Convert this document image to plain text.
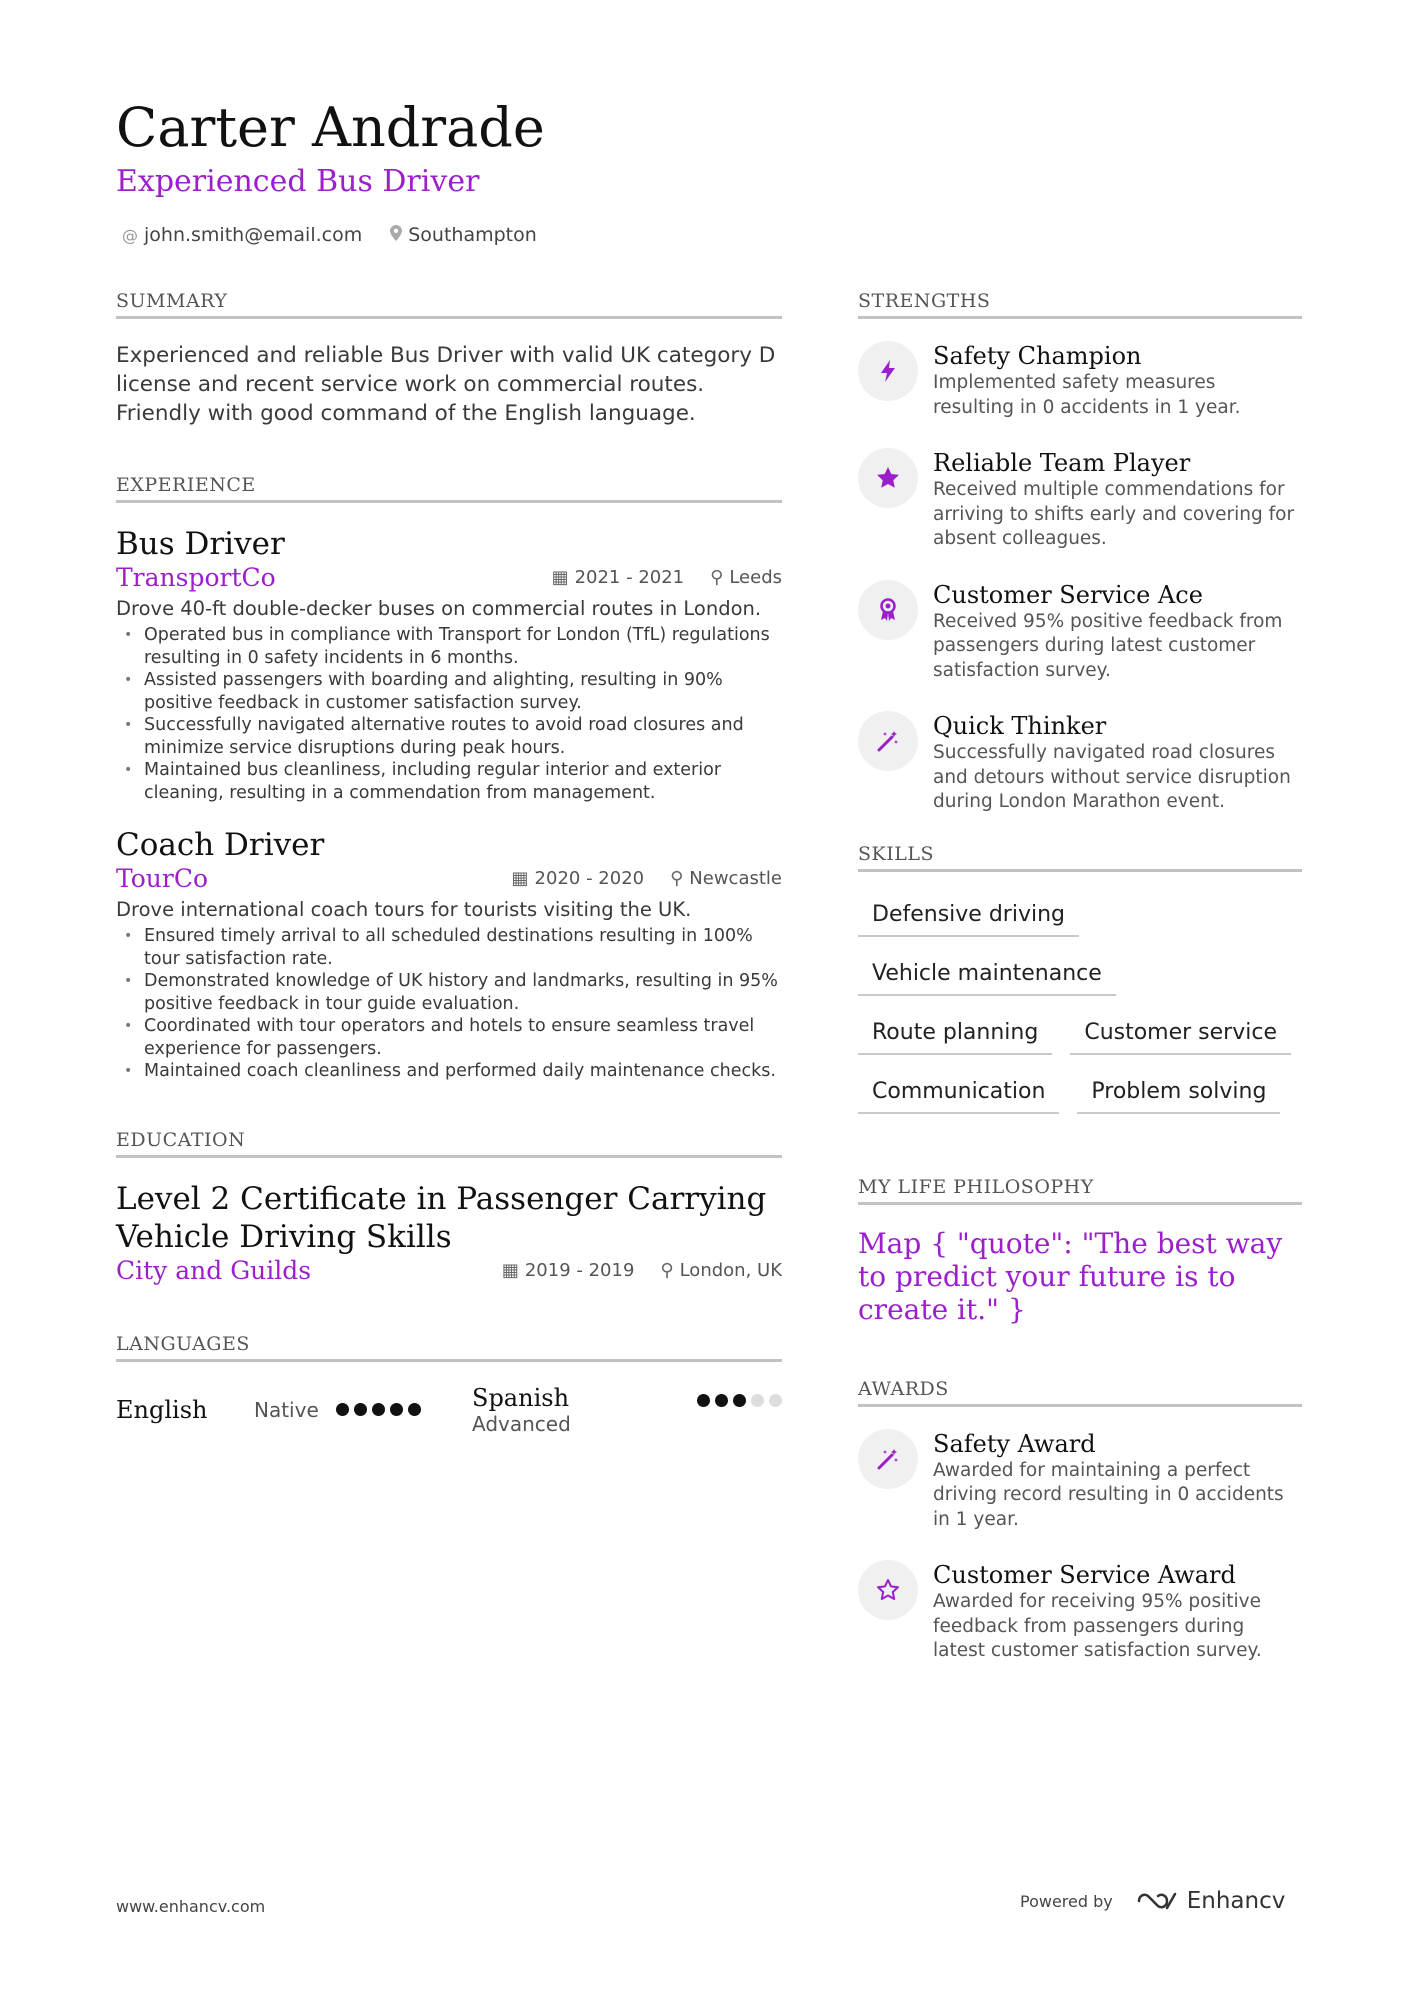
Carter Andrade
Experienced Bus Driver
@ john.smith@email.com Southampton
SUMMARY

Experienced and reliable Bus Driver with valid UK category D license and recent service work on commercial routes. Friendly with good command of the English language.

EXPERIENCE
Bus Driver
TransportCo	▦ 2021 - 2021 ⚲ Leeds
Drove 40-ft double-decker buses on commercial routes in London.
• Operated bus in compliance with Transport for London (TfL) regulations resulting in 0 safety incidents in 6 months.
• Assisted passengers with boarding and alighting, resulting in 90% positive feedback in customer satisfaction survey.
• Successfully navigated alternative routes to avoid road closures and minimize service disruptions during peak hours.
• Maintained bus cleanliness, including regular interior and exterior cleaning, resulting in a commendation from management.
Coach Driver
TourCo	▦ 2020 - 2020 ⚲ Newcastle
Drove international coach tours for tourists visiting the UK.
• Ensured timely arrival to all scheduled destinations resulting in 100% tour satisfaction rate.
• Demonstrated knowledge of UK history and landmarks, resulting in 95% positive feedback in tour guide evaluation.
• Coordinated with tour operators and hotels to ensure seamless travel experience for passengers.
• Maintained coach cleanliness and performed daily maintenance checks.
EDUCATION
Level 2 Certificate in Passenger Carrying Vehicle Driving Skills
City and Guilds	▦ 2019 - 2019 ⚲ London, UK
LANGUAGES
English	Native	Spanish
Advanced
STRENGTHS
Safety Champion
Implemented safety measures resulting in 0 accidents in 1 year.
Reliable Team Player
Received multiple commendations for arriving to shifts early and covering for absent colleagues.
Customer Service Ace
Received 95% positive feedback from passengers during latest customer satisfaction survey.
Quick Thinker
Successfully navigated road closures and detours without service disruption during London Marathon event.
SKILLS
Defensive driving
Vehicle maintenance
Route planning	Customer service
Communication	Problem solving
MY LIFE PHILOSOPHY
Map { "quote": "The best way to predict your future is to create it." }
AWARDS
Safety Award
Awarded for maintaining a perfect driving record resulting in 0 accidents in 1 year.
Customer Service Award
Awarded for receiving 95% positive feedback from passengers during latest customer satisfaction survey.
www.enhancv.com	Powered by	Enhancv
